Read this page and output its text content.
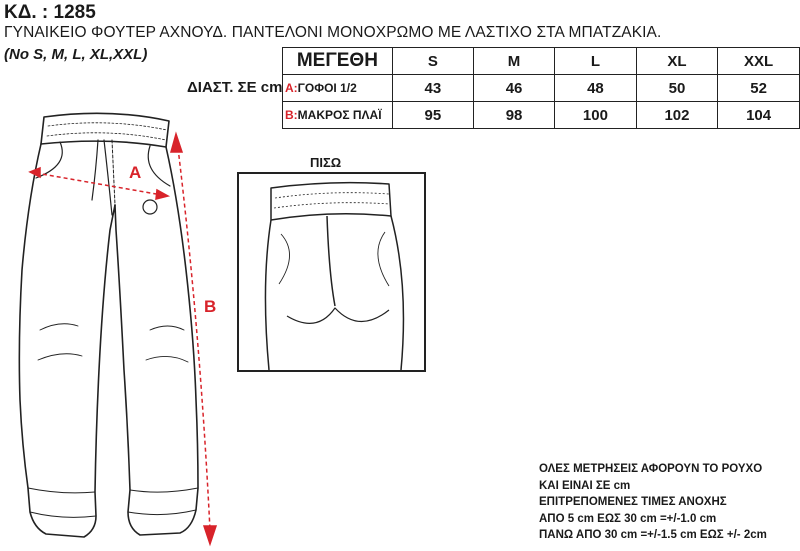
ΚΔ. : 1285
ΓΥΝΑΙΚΕΙΟ ΦΟΥΤΕΡ ΑΧΝΟΥΔ. ΠΑΝΤΕΛΟΝΙ ΜΟΝΟΧΡΩΜΟ ΜΕ ΛΑΣΤΙΧΟ ΣΤΑ ΜΠΑΤΖΑΚΙΑ.
(No S, M, L, XL,XXL)
ΔΙΑΣΤ. ΣΕ cm
ΜΕΓΕΘΗ	S	M	L	XL	XXL
A:ΓΟΦΟΙ 1/2	43	46	48	50	52
B:ΜΑΚΡΟΣ ΠΛΑΪ	95	98	100	102	104
A
B
ΠΙΣΩ
ΟΛΕΣ ΜΕΤΡΗΣΕΙΣ ΑΦΟΡΟΥΝ ΤΟ ΡΟΥΧΟ
ΚΑΙ ΕΙΝΑΙ ΣΕ cm
ΕΠΙΤΡΕΠΟΜΕΝΕΣ ΤΙΜΕΣ ΑΝΟΧΗΣ
ΑΠΟ 5 cm ΕΩΣ 30 cm =+/-1.0 cm
ΠΑΝΩ ΑΠΟ 30 cm =+/-1.5 cm ΕΩΣ +/- 2cm
